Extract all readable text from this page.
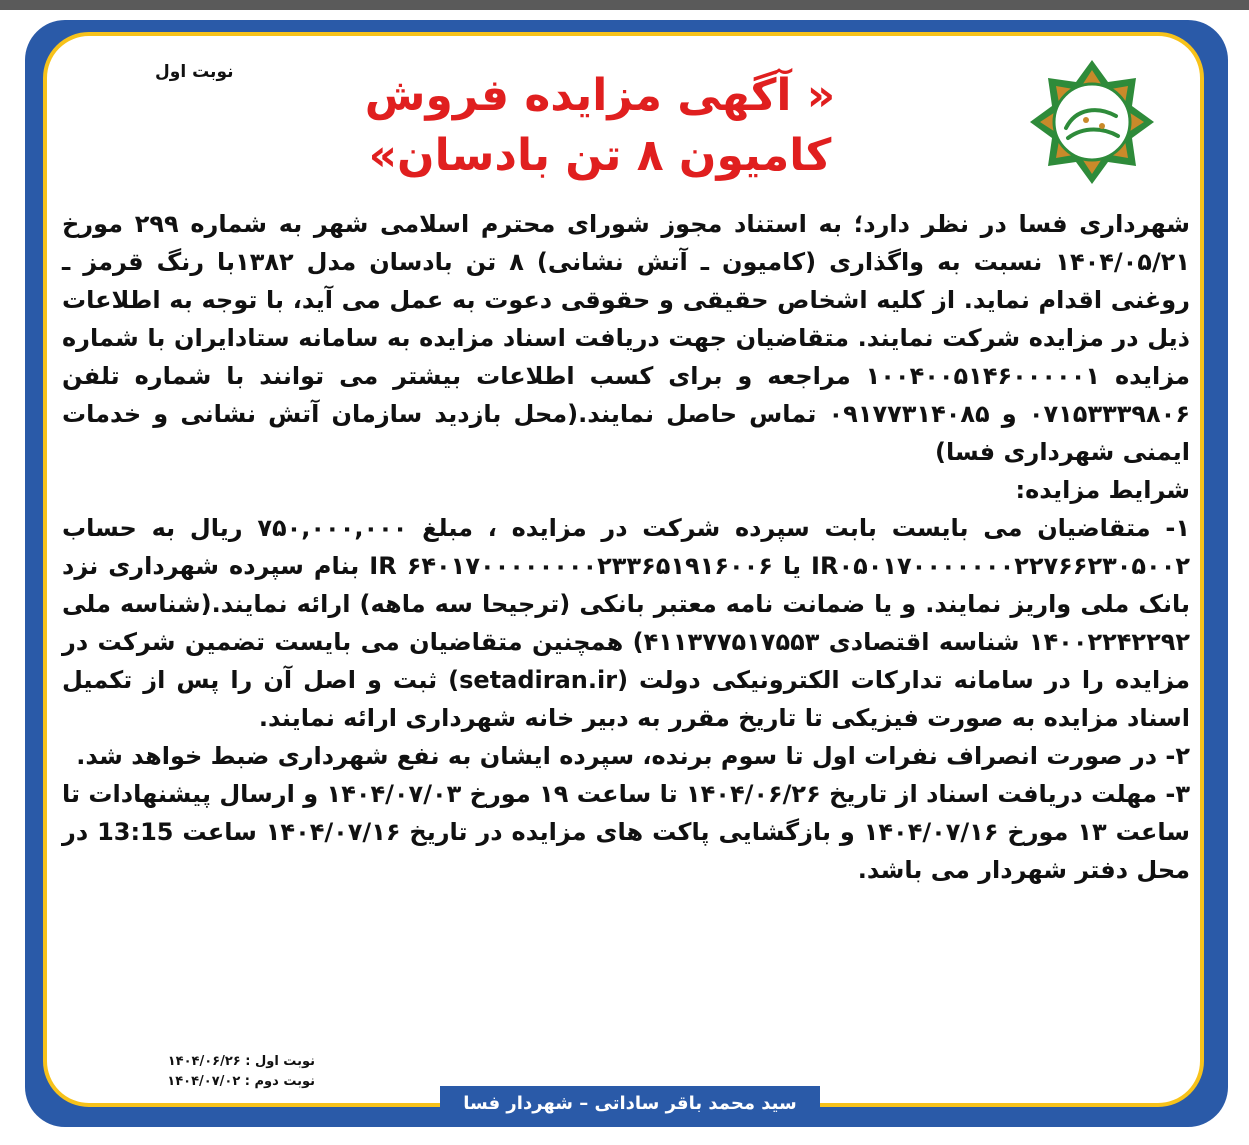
نوبت اول	« آگهی مزایده فروش کامیون ۸ تن بادسان»

شهرداری فسا در نظر دارد؛ به استناد مجوز شورای محترم اسلامی شهر به شماره ۲۹۹ مورخ ۱۴۰۴/۰۵/۲۱ نسبت به واگذاری (کامیون ـ آتش نشانی) ۸ تن بادسان مدل ۱۳۸۲با رنگ قرمز ـ روغنی اقدام نماید. از کلیه اشخاص حقیقی و حقوقی دعوت به عمل می آید، با توجه به اطلاعات ذیل در مزایده شرکت نمایند. متقاضیان جهت دریافت اسناد مزایده به سامانه ستادایران با شماره مزایده ۱۰۰۴۰۰۵۱۴۶۰۰۰۰۰۱ مراجعه و برای کسب اطلاعات بیشتر می توانند با شماره تلفن ۰۷۱۵۳۳۳۹۸۰۶ و ۰۹۱۷۷۳۱۴۰۸۵ تماس حاصل نمایند.(محل بازدید سازمان آتش نشانی و خدمات ایمنی شهرداری فسا)

شرایط مزایده:

۱- متقاضیان می بایست بابت سپرده شرکت در مزایده ، مبلغ ۷۵۰,۰۰۰,۰۰۰ ریال به حساب IR۰۵۰۱۷۰۰۰۰۰۰۰۲۲۷۶۶۲۳۰۵۰۰۲ یا IR ۶۴۰۱۷۰۰۰۰۰۰۰۰۲۳۳۶۵۱۹۱۶۰۰۶ بنام سپرده شهرداری نزد بانک ملی واریز نمایند. و یا ضمانت نامه معتبر بانکی (ترجیحا سه ماهه) ارائه نمایند.(شناسه ملی ۱۴۰۰۲۲۴۲۲۹۲ شناسه اقتصادی ۴۱۱۳۷۷۵۱۷۵۵۳) همچنین متقاضیان می بایست تضمین شرکت در مزایده را در سامانه تدارکات الکترونیکی دولت (setadiran.ir) ثبت و اصل آن را پس از تکمیل اسناد مزایده به صورت فیزیکی تا تاریخ مقرر به دبیر خانه شهرداری ارائه نمایند.

۲- در صورت انصراف نفرات اول تا سوم برنده، سپرده ایشان به نفع شهرداری ضبط خواهد شد.

۳- مهلت دریافت اسناد از تاریخ ۱۴۰۴/۰۶/۲۶ تا ساعت ۱۹ مورخ ۱۴۰۴/۰۷/۰۳ و ارسال پیشنهادات تا ساعت ۱۳ مورخ ۱۴۰۴/۰۷/۱۶ و بازگشایی پاکت های مزایده در تاریخ ۱۴۰۴/۰۷/۱۶ ساعت 13:15 در محل دفتر شهردار می باشد.

نوبت اول : ۱۴۰۴/۰۶/۲۶
نوبت دوم : ۱۴۰۴/۰۷/۰۲
سید محمد باقر ساداتی – شهردار فسا
